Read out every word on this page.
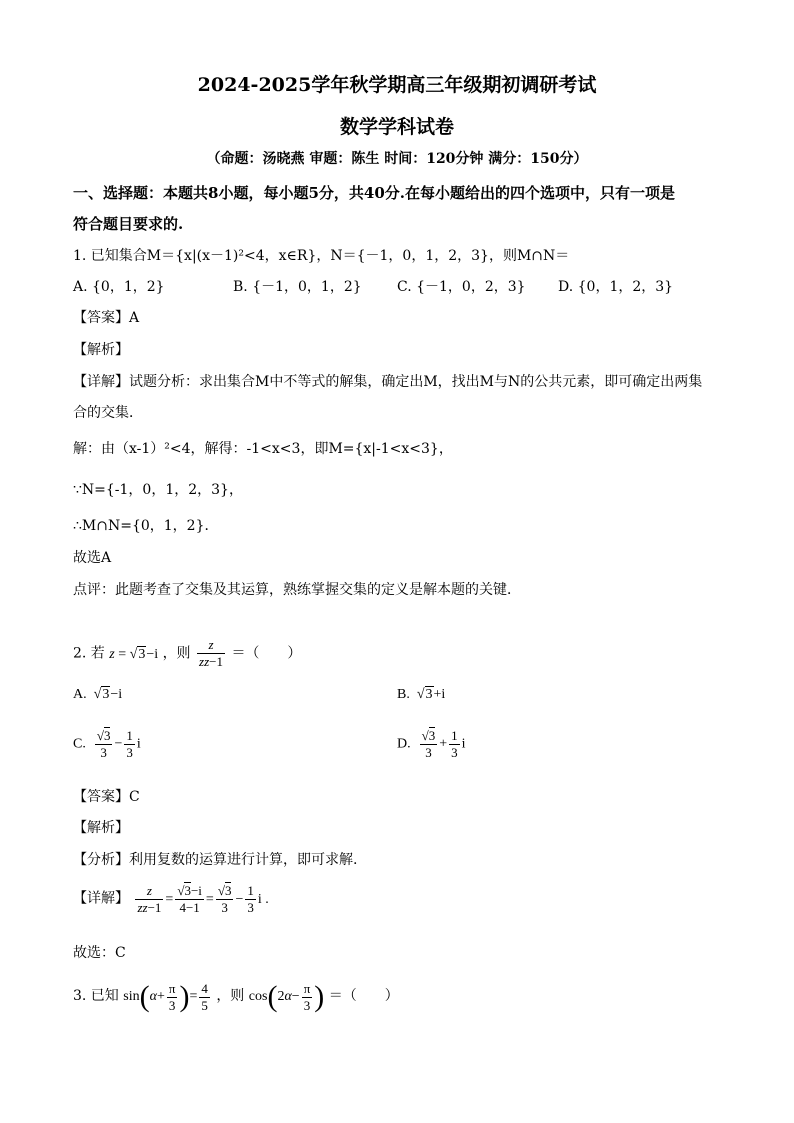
2024-2025学年秋学期高三年级期初调研考试
数学学科试卷
（命题：汤晓燕 审题：陈生 时间：120分钟 满分：150分）
一、选择题：本题共8小题，每小题5分，共40分.在每小题给出的四个选项中，只有一项是
符合题目要求的.
1. 已知集合M＝{x|(x－1)²<4，x∈R}，N＝{－1，0，1，2，3}，则M∩N＝
A. {0，1，2}	B. {－1，0，1，2}	C. {－1，0，2，3} D. {0，1，2，3}
【答案】A
【解析】
【详解】试题分析：求出集合M中不等式的解集，确定出M，找出M与N的公共元素，即可确定出两集
合的交集．
解：由（x-1）²<4，解得：-1<x<3，即M={x|-1<x<3}，
∵N={-1，0，1，2，3}，
∴M∩N={0，1，2}．
故选A
点评：此题考查了交集及其运算，熟练掌握交集的定义是解本题的关键．
2. 若 z = √3−i ，则 $\frac{z}{z\overline{z}-1}$ ＝（　　）
A.  √3−i	B.  √3+i
C. $\frac{√3}{3} - \frac{1}{3}$ i	D. $\frac{√3}{3} + \frac{1}{3}$ i
【答案】C
【解析】
【分析】利用复数的运算进行计算，即可求解.
【详解】 $\frac{z}{z\overline{z}-1} = \frac{√3-i}{4-1} = \frac{√3}{3} - \frac{1}{3}$ i .
故选：C
3. 已知 $\sin(\alpha+ \frac{\pi}{3}$ )= $\frac{4}{5}$ ，则 $\cos(2\alpha- \frac{\pi}{3}$ ) ＝（　　）
